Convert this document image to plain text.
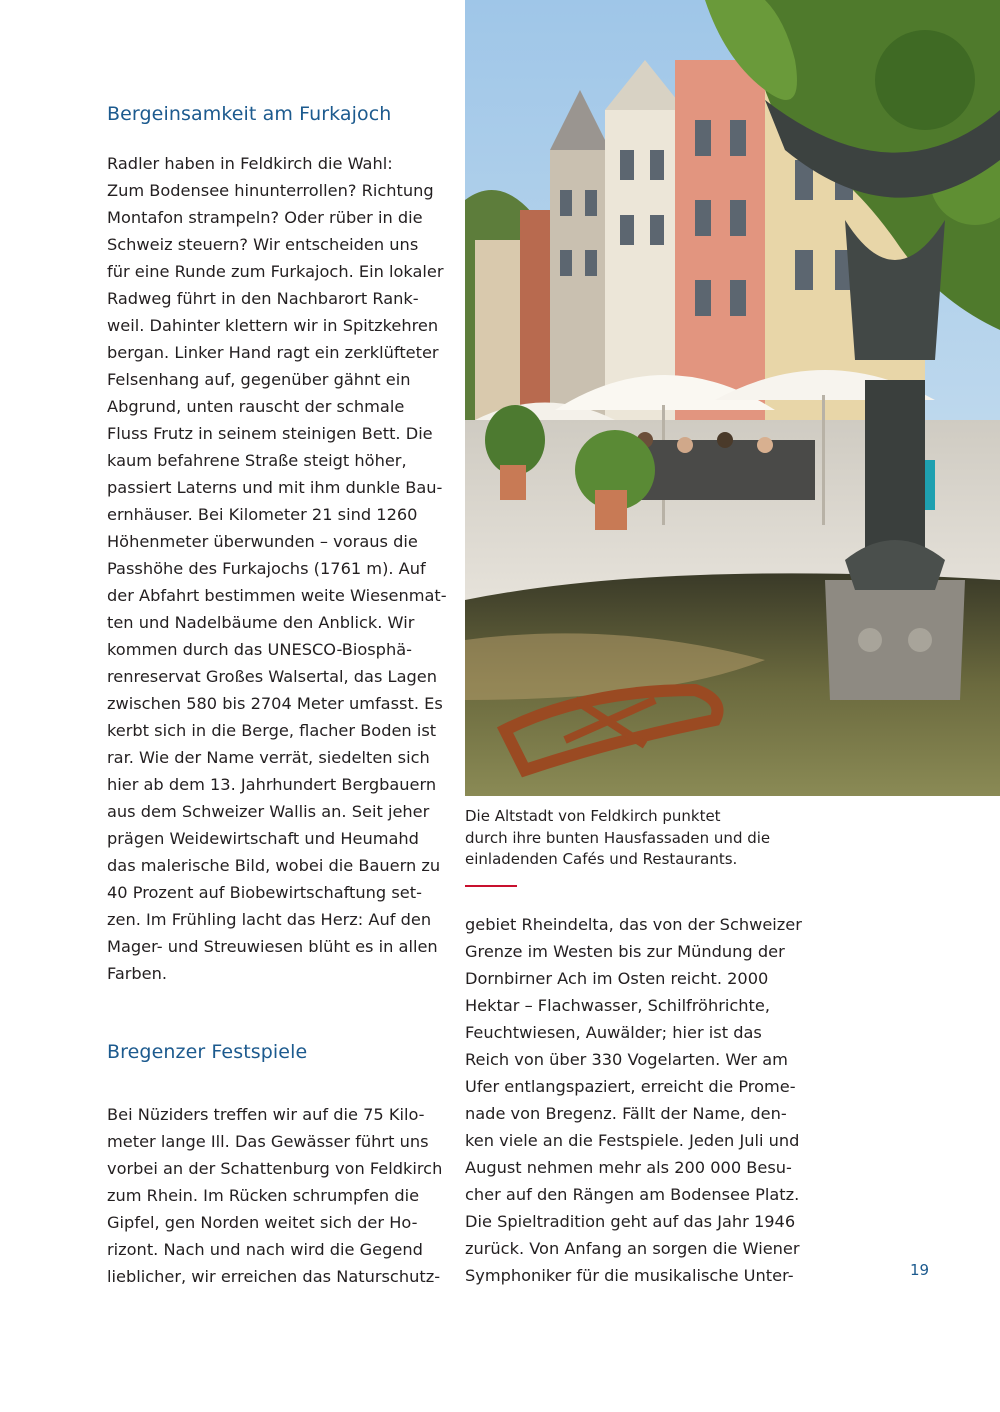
Bergeinsamkeit am Furkajoch

Radler haben in Feldkirch die Wahl:
Zum Bodensee hinunterrollen? Richtung
Montafon strampeln? Oder rüber in die
Schweiz steuern? Wir entscheiden uns
für eine Runde zum Furkajoch. Ein lokaler
Radweg führt in den Nachbarort Rank-
weil. Dahinter klettern wir in Spitzkehren
bergan. Linker Hand ragt ein zerklüfteter
Felsenhang auf, gegenüber gähnt ein
Abgrund, unten rauscht der schmale
Fluss Frutz in seinem steinigen Bett. Die
kaum befahrene Straße steigt höher,
passiert Laterns und mit ihm dunkle Bau-
ernhäuser. Bei Kilometer 21 sind 1260
Höhenmeter überwunden – voraus die
Passhöhe des Furkajochs (1761 m). Auf
der Abfahrt bestimmen weite Wiesenmat-
ten und Nadelbäume den Anblick. Wir
kommen durch das UNESCO-Biosphä-
renreservat Großes Walsertal, das Lagen
zwischen 580 bis 2704 Meter umfasst. Es
kerbt sich in die Berge, flacher Boden ist
rar. Wie der Name verrät, siedelten sich
hier ab dem 13. Jahrhundert Bergbauern
aus dem Schweizer Wallis an. Seit jeher
prägen Weidewirtschaft und Heumahd
das malerische Bild, wobei die Bauern zu
40 Prozent auf Biobewirtschaftung set-
zen. Im Frühling lacht das Herz: Auf den
Mager- und Streuwiesen blüht es in allen
Farben.

Bregenzer Festspiele

Bei Nüziders treffen wir auf die 75 Kilo-
meter lange Ill. Das Gewässer führt uns
vorbei an der Schattenburg von Feldkirch
zum Rhein. Im Rücken schrumpfen die
Gipfel, gen Norden weitet sich der Ho-
rizont. Nach und nach wird die Gegend
lieblicher, wir erreichen das Naturschutz-

Die Altstadt von Feldkirch punktet
durch ihre bunten Hausfassaden und die
einladenden Cafés und Restaurants.

gebiet Rheindelta, das von der Schweizer
Grenze im Westen bis zur Mündung der
Dornbirner Ach im Osten reicht. 2000
Hektar – Flachwasser, Schilfröhrichte,
Feuchtwiesen, Auwälder; hier ist das
Reich von über 330 Vogelarten. Wer am
Ufer entlangspaziert, erreicht die Prome-
nade von Bregenz. Fällt der Name, den-
ken viele an die Festspiele. Jeden Juli und
August nehmen mehr als 200 000 Besu-
cher auf den Rängen am Bodensee Platz.
Die Spieltradition geht auf das Jahr 1946
zurück. Von Anfang an sorgen die Wiener
Symphoniker für die musikalische Unter-	19
